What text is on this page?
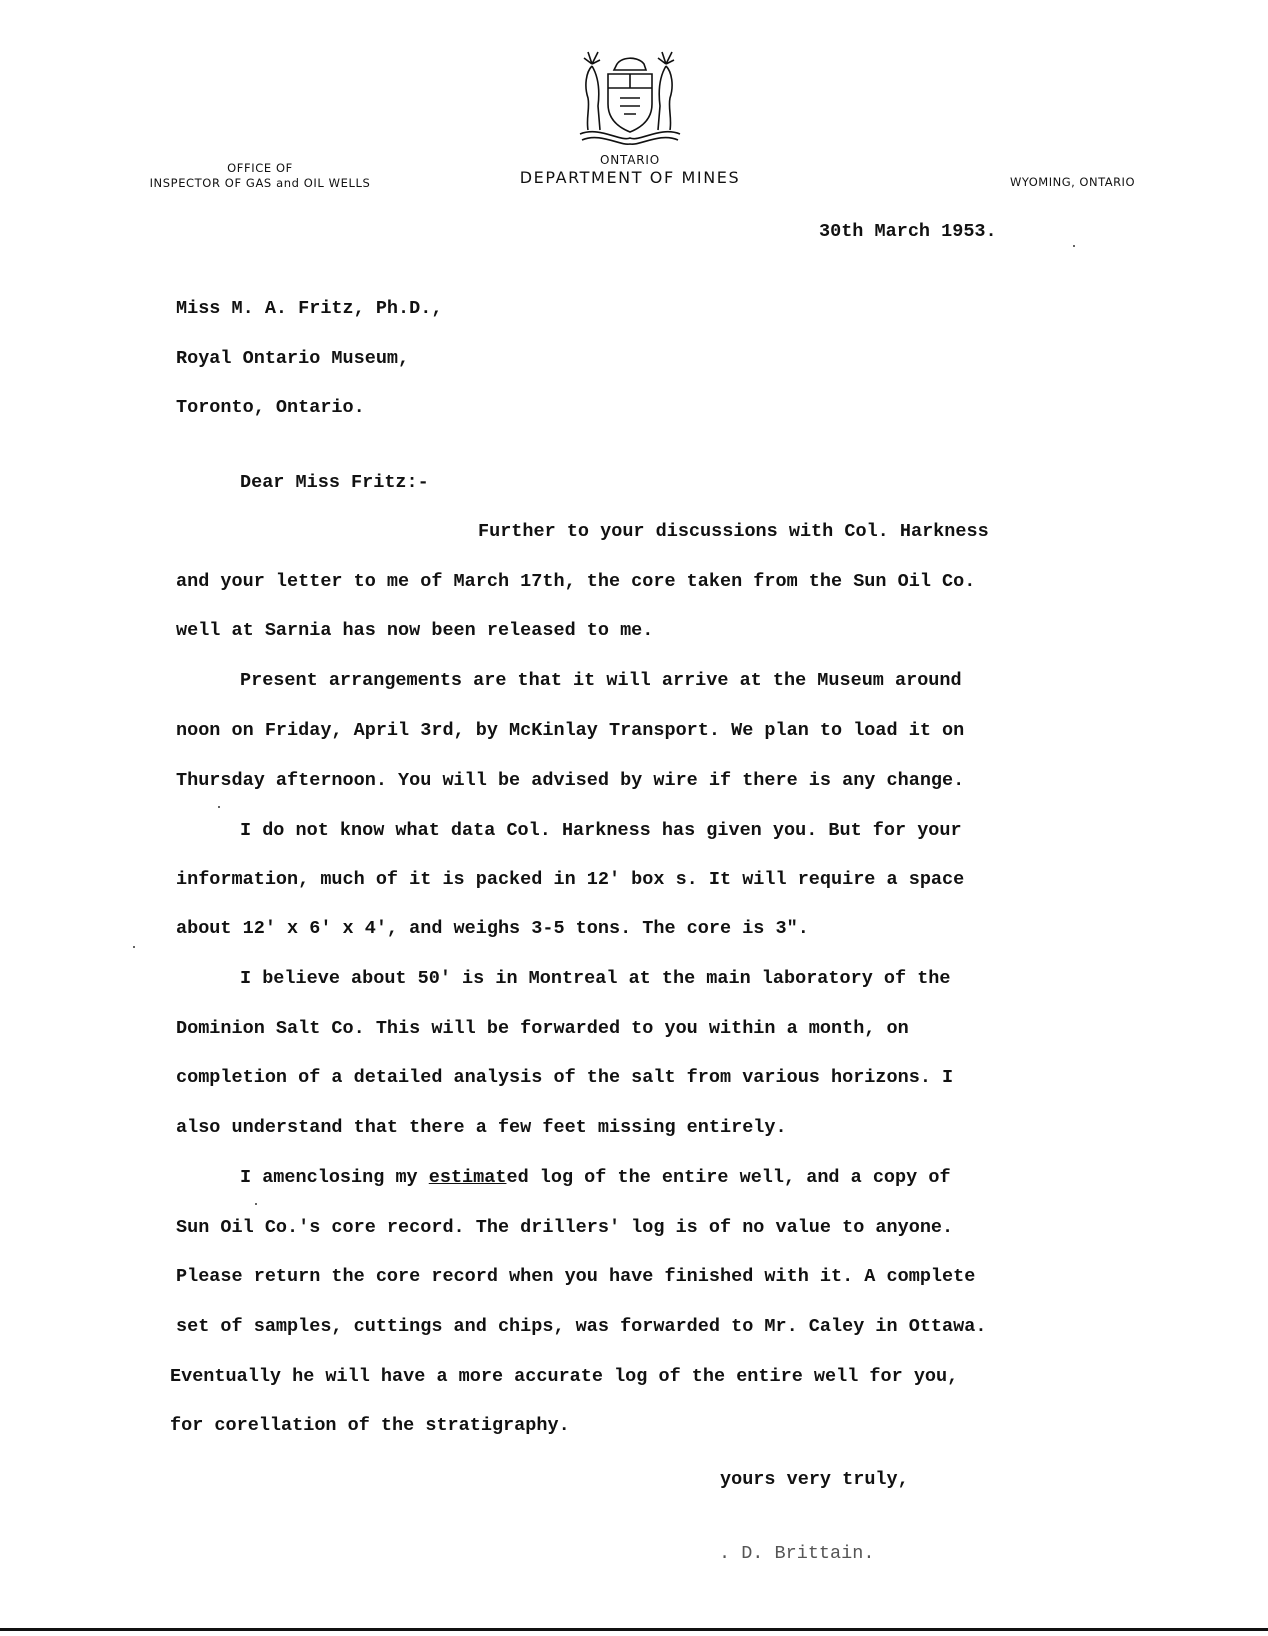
OFFICE OF
INSPECTOR OF GAS and OIL WELLS
ONTARIO
DEPARTMENT OF MINES	WYOMING, ONTARIO
30th March 1953.
Miss M. A. Fritz, Ph.D.,
Royal Ontario Museum,
Toronto, Ontario.
Dear Miss Fritz:-
Further to your discussions with Col. Harkness
and your letter to me of March 17th, the core taken from the Sun Oil Co.
well at Sarnia has now been released to me.
Present arrangements are that it will arrive at the Museum around
noon on Friday, April 3rd, by McKinlay Transport. We plan to load it on
Thursday afternoon. You will be advised by wire if there is any change.
I do not know what data Col. Harkness has given you. But for your
information, much of it is packed in 12' box s. It will require a space
about 12' x 6' x 4', and weighs 3-5 tons. The core is 3".
I believe about 50' is in Montreal at the main laboratory of the
Dominion Salt Co. This will be forwarded to you within a month, on
completion of a detailed analysis of the salt from various horizons. I
also understand that there a few feet missing entirely.
I amenclosing my estimated log of the entire well, and a copy of
Sun Oil Co.'s core record. The drillers' log is of no value to anyone.
Please return the core record when you have finished with it. A complete
set of samples, cuttings and chips, was forwarded to Mr. Caley in Ottawa.
Eventually he will have a more accurate log of the entire well for you,
for corellation of the stratigraphy.
yours very truly,
. D. Brittain.
